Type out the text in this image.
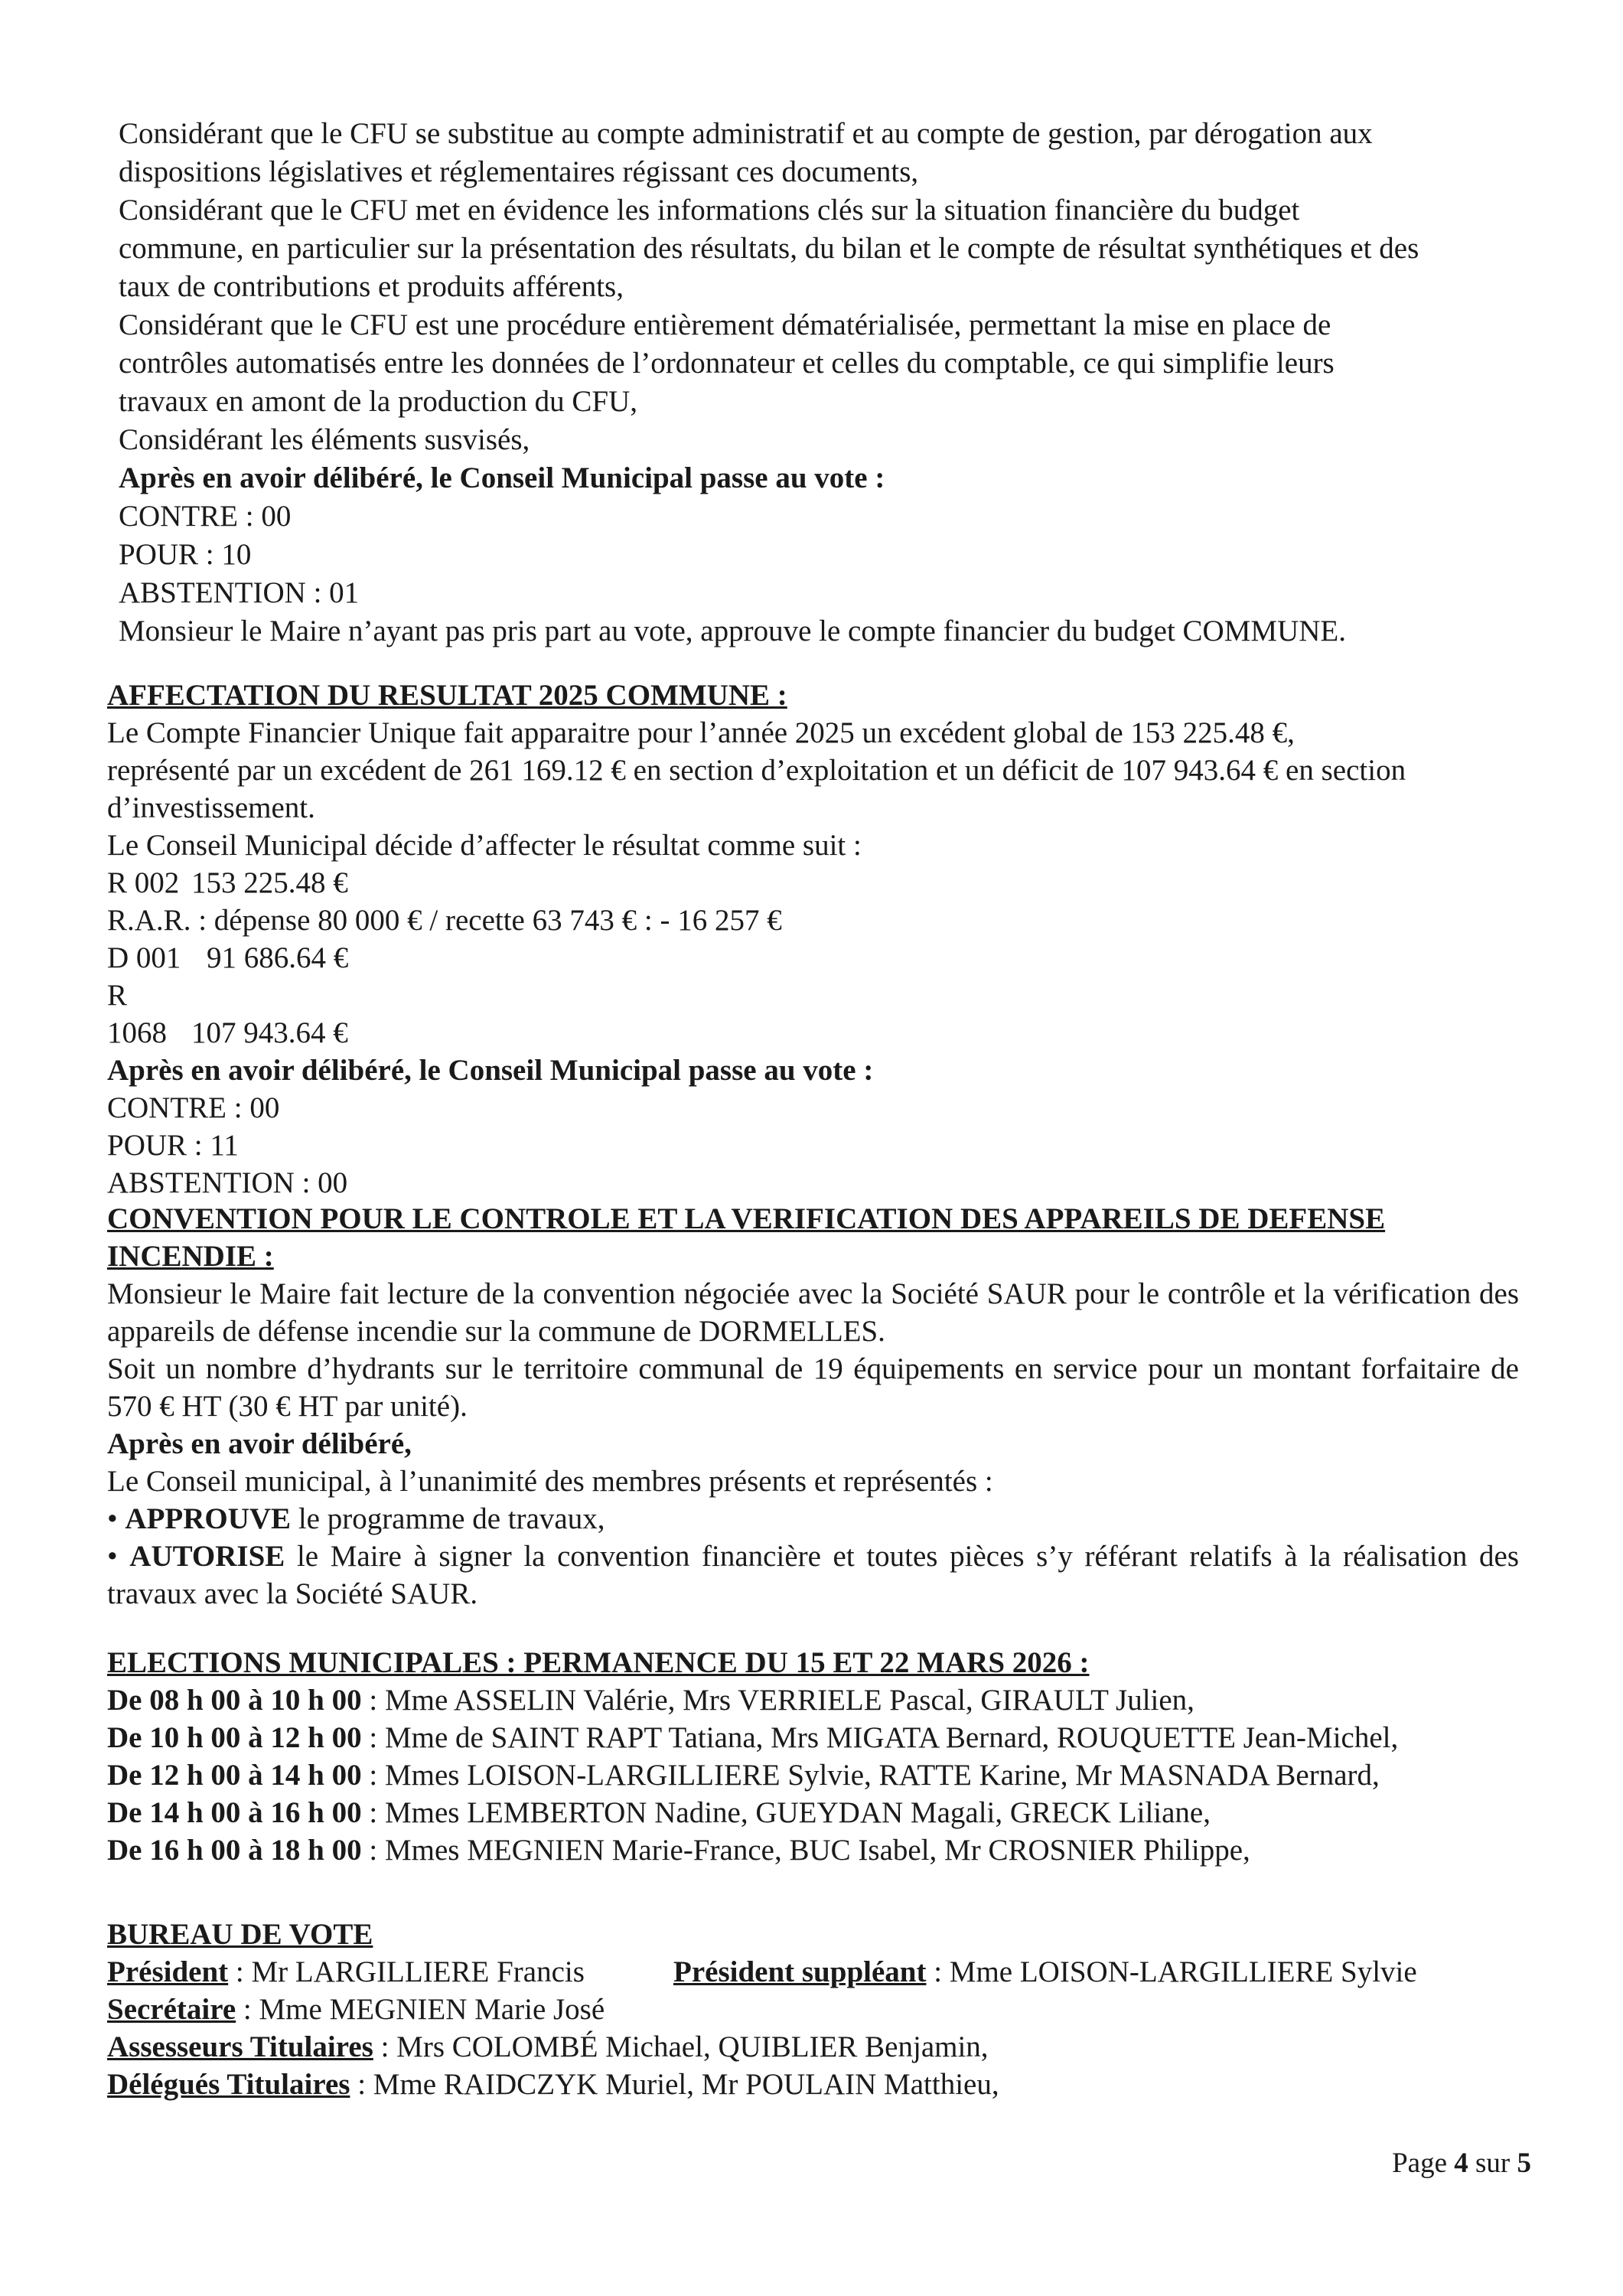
Considérant que le CFU se substitue au compte administratif et au compte de gestion, par dérogation aux
dispositions législatives et réglementaires régissant ces documents,
Considérant que le CFU met en évidence les informations clés sur la situation financière du budget
commune, en particulier sur la présentation des résultats, du bilan et le compte de résultat synthétiques et des
taux de contributions et produits afférents,
Considérant que le CFU est une procédure entièrement dématérialisée, permettant la mise en place de
contrôles automatisés entre les données de l’ordonnateur et celles du comptable, ce qui simplifie leurs
travaux en amont de la production du CFU,
Considérant les éléments susvisés,
Après en avoir délibéré, le Conseil Municipal passe au vote :
CONTRE : 00
POUR : 10
ABSTENTION : 01
Monsieur le Maire n’ayant pas pris part au vote, approuve le compte financier du budget COMMUNE.
AFFECTATION DU RESULTAT 2025 COMMUNE :
Le Compte Financier Unique fait apparaitre pour l’année 2025 un excédent global de 153 225.48 €,
représenté par un excédent de 261 169.12 € en section d’exploitation et un déficit de 107 943.64 € en section
d’investissement.
Le Conseil Municipal décide d’affecter le résultat comme suit :
R 002 153 225.48 €
R.A.R. : dépense 80 000 € / recette 63 743 € : - 16 257 €
D 001 91 686.64 €
R 1068 107 943.64 €
Après en avoir délibéré, le Conseil Municipal passe au vote :
CONTRE : 00
POUR : 11
ABSTENTION : 00
CONVENTION POUR LE CONTROLE ET LA VERIFICATION DES APPAREILS DE DEFENSE
INCENDIE :
Monsieur le Maire fait lecture de la convention négociée avec la Société SAUR pour le contrôle et la vérification des appareils de défense incendie sur la commune de DORMELLES.
Soit un nombre d’hydrants sur le territoire communal de 19 équipements en service pour un montant forfaitaire de 570 € HT (30 € HT par unité).
Après en avoir délibéré,
Le Conseil municipal, à l’unanimité des membres présents et représentés :
• APPROUVE le programme de travaux,
• AUTORISE le Maire à signer la convention financière et toutes pièces s’y référant relatifs à la réalisation des travaux avec la Société SAUR.
ELECTIONS MUNICIPALES : PERMANENCE DU 15 ET 22 MARS 2026 :
De 08 h 00 à 10 h 00 : Mme ASSELIN Valérie, Mrs VERRIELE Pascal, GIRAULT Julien,
De 10 h 00 à 12 h 00 : Mme de SAINT RAPT Tatiana, Mrs MIGATA Bernard, ROUQUETTE Jean-Michel,
De 12 h 00 à 14 h 00 : Mmes LOISON-LARGILLIERE Sylvie, RATTE Karine, Mr MASNADA Bernard,
De 14 h 00 à 16 h 00 : Mmes LEMBERTON Nadine, GUEYDAN Magali, GRECK Liliane,
De 16 h 00 à 18 h 00 : Mmes MEGNIEN Marie-France, BUC Isabel, Mr CROSNIER Philippe,
BUREAU DE VOTE
Président : Mr LARGILLIERE Francis	Président suppléant : Mme LOISON-LARGILLIERE Sylvie
Secrétaire : Mme MEGNIEN Marie José
Assesseurs Titulaires : Mrs COLOMBÉ Michael, QUIBLIER Benjamin,
Délégués Titulaires : Mme RAIDCZYK Muriel, Mr POULAIN Matthieu,
Page 4 sur 5
